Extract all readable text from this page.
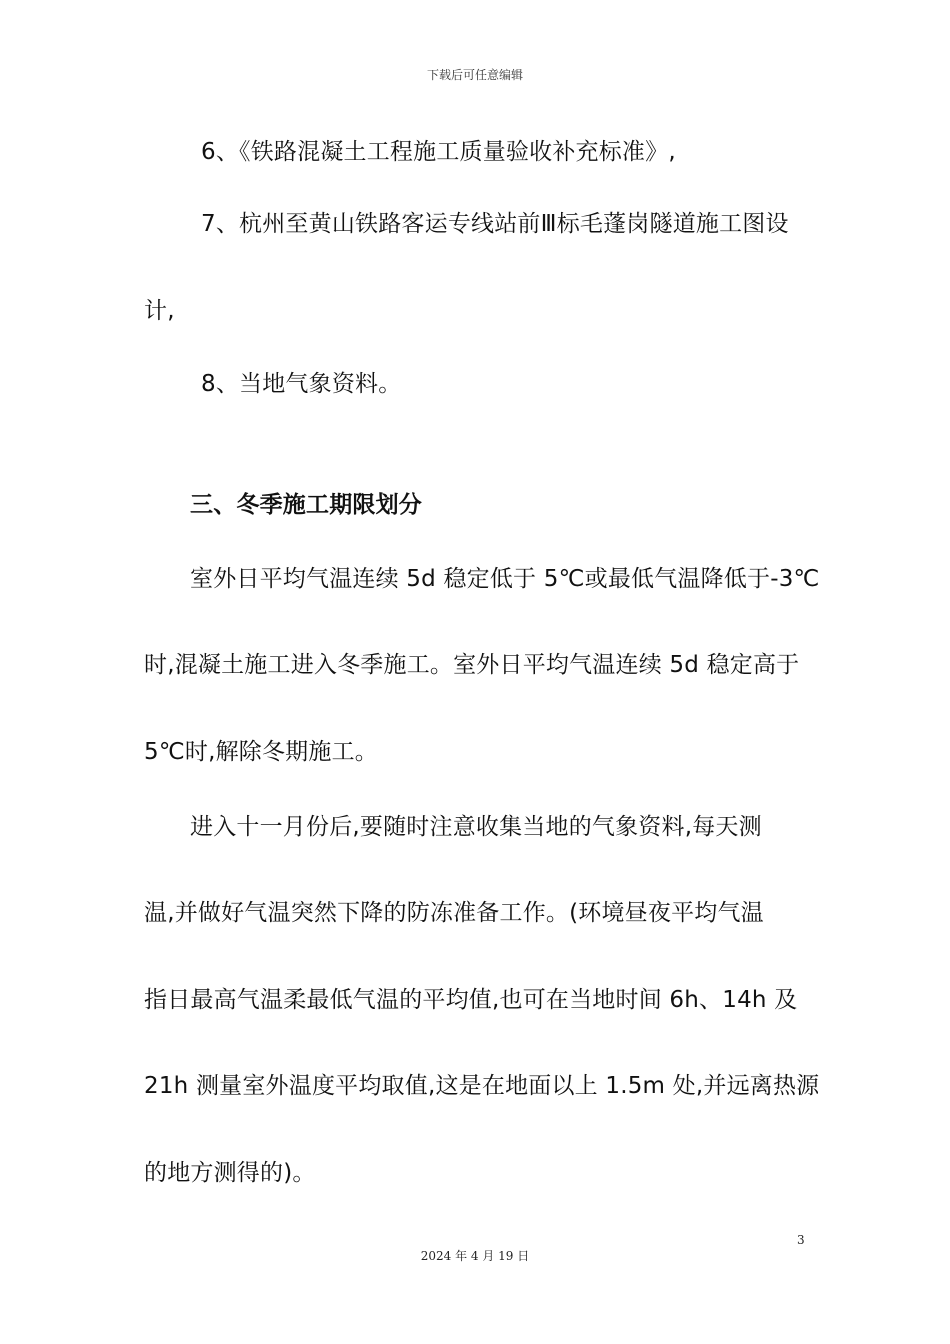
下载后可任意编辑
6、《铁路混凝土工程施工质量验收补充标准》,
7、杭州至黄山铁路客运专线站前Ⅲ标毛蓬岗隧道施工图设
计,
8、当地气象资料。
三、冬季施工期限划分
室外日平均气温连续 5d 稳定低于 5℃或最低气温降低于-3℃
时,混凝土施工进入冬季施工。室外日平均气温连续 5d 稳定高于
5℃时,解除冬期施工。
进入十一月份后,要随时注意收集当地的气象资料,每天测
温,并做好气温突然下降的防冻准备工作。(环境昼夜平均气温
指日最高气温柔最低气温的平均值,也可在当地时间 6h、14h 及
21h 测量室外温度平均取值,这是在地面以上 1.5m 处,并远离热源
的地方测得的)。
3
2024 年 4 月 19 日
